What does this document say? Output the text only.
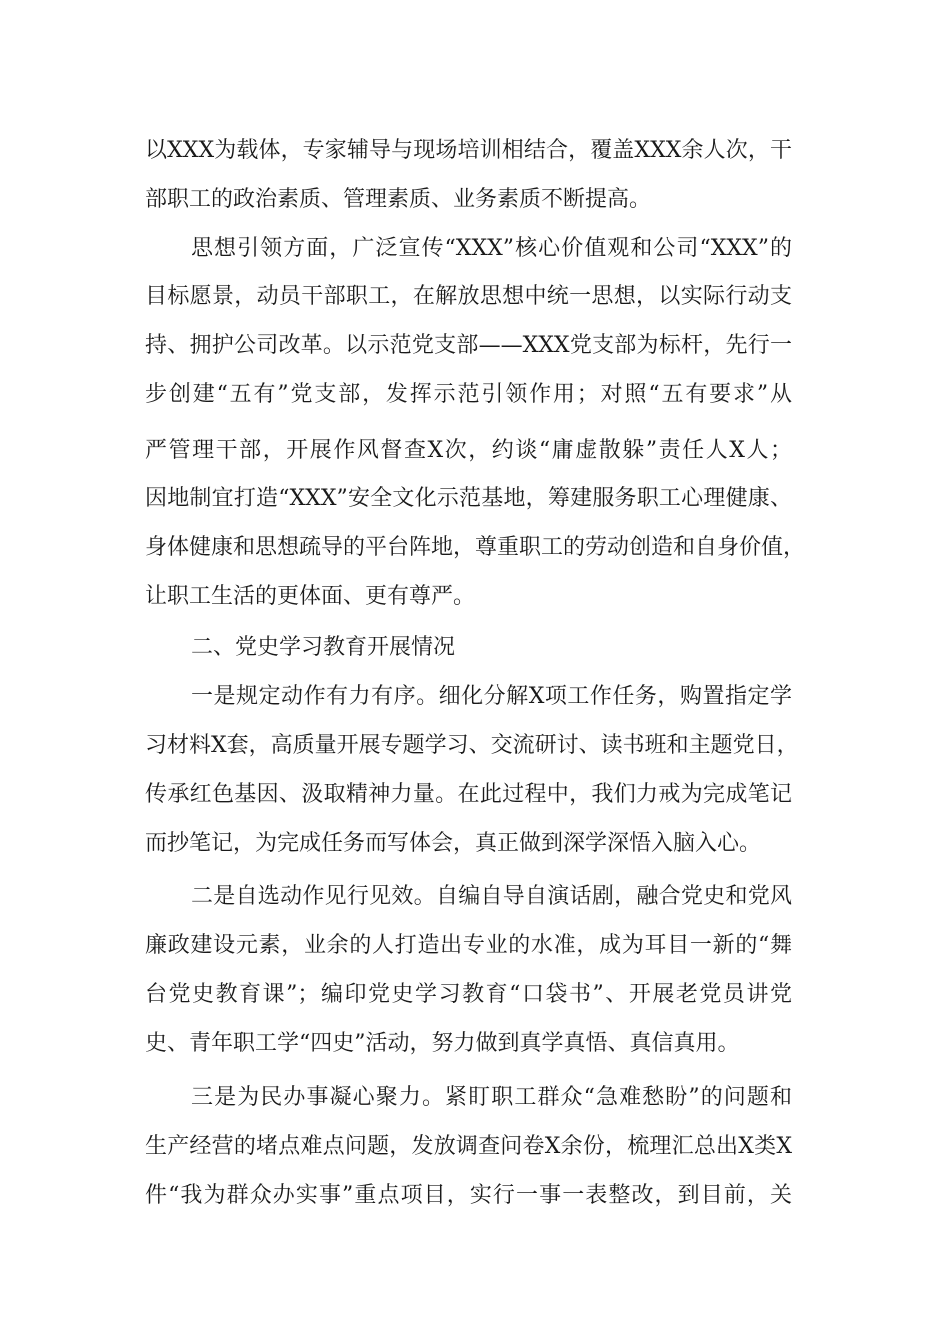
以XXX为载体，专家辅导与现场培训相结合，覆盖XXX余人次，干
部职工的政治素质、管理素质、业务素质不断提高。
思想引领方面，广泛宣传“XXX”核心价值观和公司“XXX”的
目标愿景，动员干部职工，在解放思想中统一思想，以实际行动支
持、拥护公司改革。以示范党支部——XXX党支部为标杆，先行一
步创建“五有”党支部，发挥示范引领作用；对照“五有要求”从
严管理干部，开展作风督查X次，约谈“庸虚散躲”责任人X人；
因地制宜打造“XXX”安全文化示范基地，筹建服务职工心理健康、
身体健康和思想疏导的平台阵地，尊重职工的劳动创造和自身价值，
让职工生活的更体面、更有尊严。
二、党史学习教育开展情况
一是规定动作有力有序。细化分解X项工作任务，购置指定学
习材料X套，高质量开展专题学习、交流研讨、读书班和主题党日，
传承红色基因、汲取精神力量。在此过程中，我们力戒为完成笔记
而抄笔记，为完成任务而写体会，真正做到深学深悟入脑入心。
二是自选动作见行见效。自编自导自演话剧，融合党史和党风
廉政建设元素，业余的人打造出专业的水准，成为耳目一新的“舞
台党史教育课”；编印党史学习教育“口袋书”、开展老党员讲党
史、青年职工学“四史”活动，努力做到真学真悟、真信真用。
三是为民办事凝心聚力。紧盯职工群众“急难愁盼”的问题和
生产经营的堵点难点问题，发放调查问卷X余份，梳理汇总出X类X
件“我为群众办实事”重点项目，实行一事一表整改，到目前，关
